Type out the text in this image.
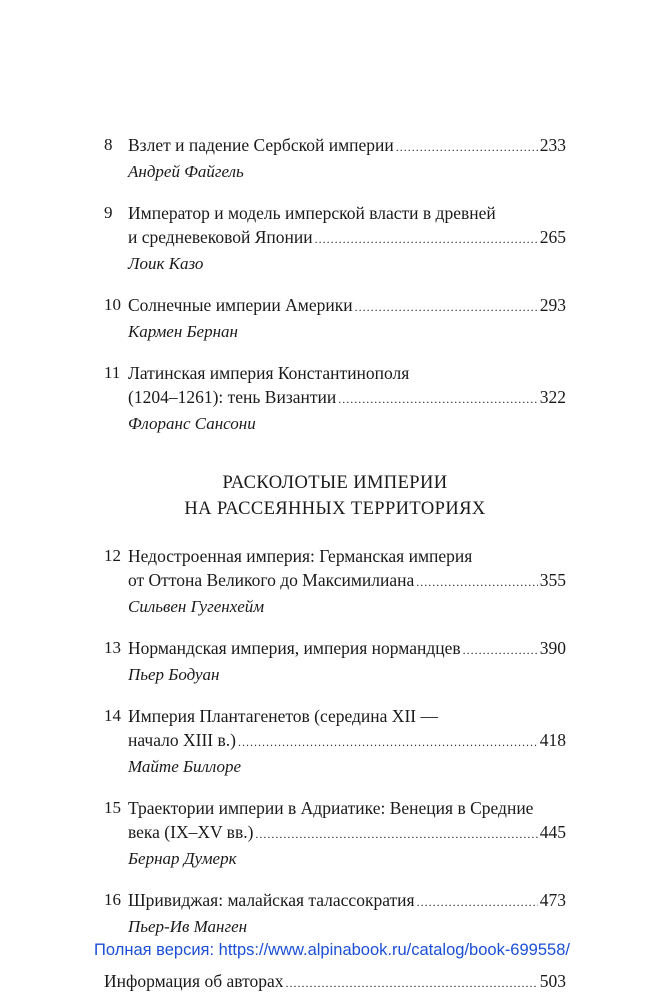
8 Взлет и падение Сербской империи .....	233
Андрей Файгель
9 Император и модель имперской власти в древней
и средневековой Японии .....	265
Лоик Казо
10 Солнечные империи Америки .....	293
Кармен Бернан
11 Латинская империя Константинополя
(1204–1261): тень Византии .....	322
Флоранс Сансони
РАСКОЛОТЫЕ ИМПЕРИИ
НА РАССЕЯННЫХ ТЕРРИТОРИЯХ
12 Недостроенная империя: Германская империя
от Оттона Великого до Максимилиана .....	355
Сильвен Гугенхейм
13 Нормандская империя, империя нормандцев .....	390
Пьер Бодуан
14 Империя Плантагенетов (середина XII —
начало XIII в.) .....	418
Майте Биллоре
15 Траектории империи в Адриатике: Венеция в Средние
века (IX–XV вв.) .....	445
Бернар Думерк
16 Шривиджая: малайская талассократия .....	473
Пьер-Ив Манген
Информация об авторах .....	503
Полная версия: https://www.alpinabook.ru/catalog/book-699558/
